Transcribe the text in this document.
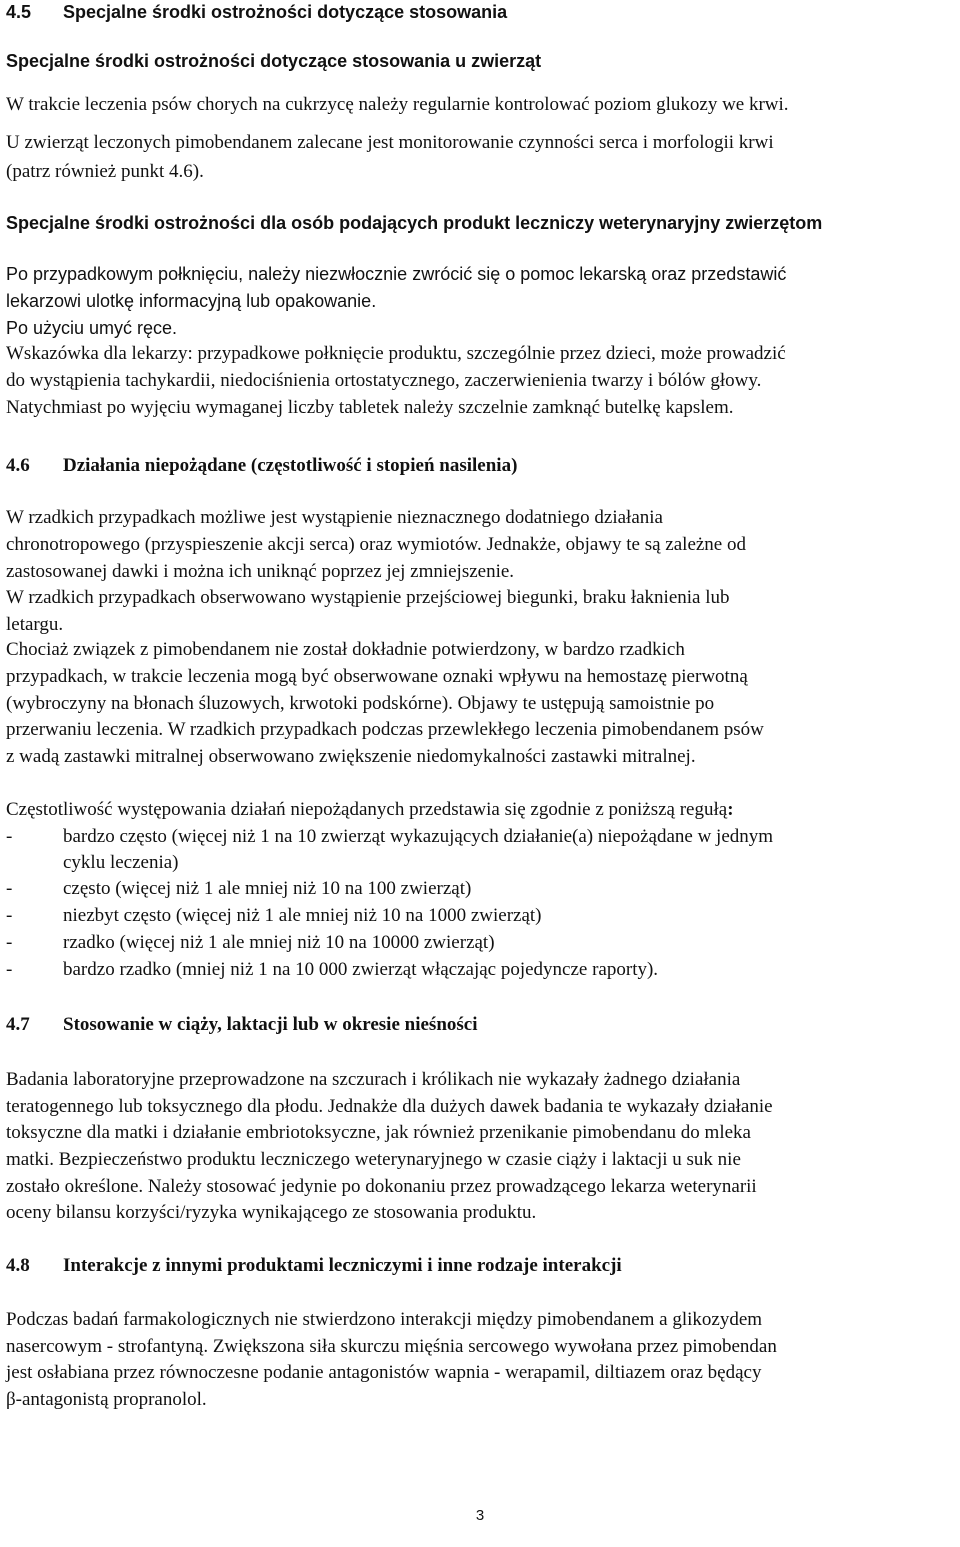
4.5 Specjalne środki ostrożności dotyczące stosowania
Specjalne środki ostrożności dotyczące stosowania u zwierząt
W trakcie leczenia psów chorych na cukrzycę należy regularnie kontrolować poziom glukozy we krwi.
U zwierząt leczonych pimobendanem zalecane jest monitorowanie czynności serca i morfologii krwi
(patrz również punkt 4.6).
Specjalne środki ostrożności dla osób podających produkt leczniczy weterynaryjny zwierzętom
Po przypadkowym połknięciu, należy niezwłocznie zwrócić się o pomoc lekarską oraz przedstawić
lekarzowi ulotkę informacyjną lub opakowanie.
Po użyciu umyć ręce.
Wskazówka dla lekarzy: przypadkowe połknięcie produktu, szczególnie przez dzieci, może prowadzić
do wystąpienia tachykardii, niedociśnienia ortostatycznego, zaczerwienienia twarzy i bólów głowy.
Natychmiast po wyjęciu wymaganej liczby tabletek należy szczelnie zamknąć butelkę kapslem.
4.6 Działania niepożądane (częstotliwość i stopień nasilenia)
W rzadkich przypadkach możliwe jest wystąpienie nieznacznego dodatniego działania
chronotropowego (przyspieszenie akcji serca) oraz wymiotów. Jednakże, objawy te są zależne od
zastosowanej dawki i można ich uniknąć poprzez jej zmniejszenie.
W rzadkich przypadkach obserwowano wystąpienie przejściowej biegunki, braku łaknienia lub
letargu.
Chociaż związek z pimobendanem nie został dokładnie potwierdzony, w bardzo rzadkich
przypadkach, w trakcie leczenia mogą być obserwowane oznaki wpływu na hemostazę pierwotną
(wybroczyny na błonach śluzowych, krwotoki podskórne). Objawy te ustępują samoistnie po
przerwaniu leczenia. W rzadkich przypadkach podczas przewlekłego leczenia pimobendanem psów
z wadą zastawki mitralnej obserwowano zwiększenie niedomykalności zastawki mitralnej.
Częstotliwość występowania działań niepożądanych przedstawia się zgodnie z poniższą regułą:
-	bardzo często (więcej niż 1 na 10 zwierząt wykazujących działanie(a) niepożądane w jednym
cyklu leczenia)
-	często (więcej niż 1 ale mniej niż 10 na 100 zwierząt)
-	niezbyt często (więcej niż 1 ale mniej niż 10 na 1000 zwierząt)
-	rzadko (więcej niż 1 ale mniej niż 10 na 10000 zwierząt)
-	bardzo rzadko (mniej niż 1 na 10 000 zwierząt włączając pojedyncze raporty).
4.7 Stosowanie w ciąży, laktacji lub w okresie nieśności
Badania laboratoryjne przeprowadzone na szczurach i królikach nie wykazały żadnego działania
teratogennego lub toksycznego dla płodu. Jednakże dla dużych dawek badania te wykazały działanie
toksyczne dla matki i działanie embriotoksyczne, jak również przenikanie pimobendanu do mleka
matki. Bezpieczeństwo produktu leczniczego weterynaryjnego w czasie ciąży i laktacji u suk nie
zostało określone. Należy stosować jedynie po dokonaniu przez prowadzącego lekarza weterynarii
oceny bilansu korzyści/ryzyka wynikającego ze stosowania produktu.
4.8 Interakcje z innymi produktami leczniczymi i inne rodzaje interakcji
Podczas badań farmakologicznych nie stwierdzono interakcji między pimobendanem a glikozydem
nasercowym - strofantyną. Zwiększona siła skurczu mięśnia sercowego wywołana przez pimobendan
jest osłabiana przez równoczesne podanie antagonistów wapnia - werapamil, diltiazem oraz będący
β-antagonistą propranolol.
3
